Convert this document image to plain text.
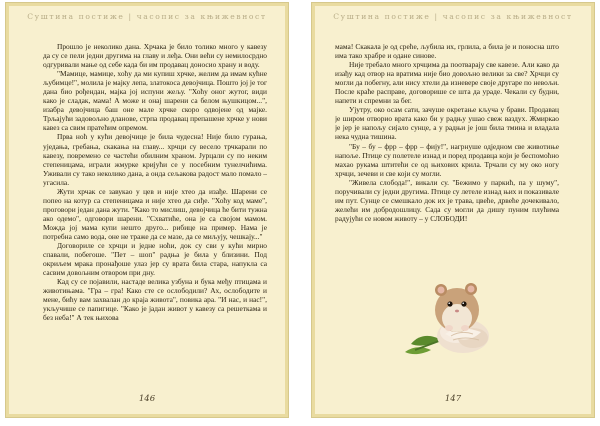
Суштина постиже | часопис за књижевност

Прошло је неколико дана. Хрчака је било толико много у кавезу да су се пели једни другима на главу и леђа. Они већи су немилосрдно одгуривали мање од себе када би им продавац доносио храну и воду.

"Мамице, мамице, хоћу да ми купиш хрчке, желим да имам кућне љубимце!", молила је мајку лепа, златокоса девојчица. Пошто јој је тог дана био рођендан, мајка јој испуни жељу. "Хоћу оног жутог, види како је сладак, мама! А може и онај шарени са белом њушкицом...", изабра девојчица баш оне мале хрчке скоро одвојене од мајке. Трљајући задовољно дланове, стрпа продавац препашене хрчке у нови кавез са свим пратећим опремом.

Прва ноћ у кући девојчице је била чудесна! Није било гурања, уједања, гребања, скакања на главу... хрчци су весело трчкарали по кавезу, повремено се частећи обилним храном. Јурцали су по неким степеницама, играли жмурке кријући се у посебним тунелчићима. Уживали су тако неколико дана, а онда сељакова радост мало помало – угасила.

Жути хрчак се завукао у цев и није хтео да изађе. Шарени се попео на котур са степеницама и није хтео да сиђе. "Хоћу код маме", проговори један дана жути. "Како то мислиш, девојчица ће бити тужна ако одемо", одговори шарени. "Схватиће, она је са својом мамом. Можда јој мама купи нешто друго... рибице на пример. Нама је потребна само вода, оне не траже да се мазе, да се миљују, чешкају..."

Договориле се хрчци и једне ноћи, док су сви у кући мирно спавали, побегоше. "Пет – шоп" радња је била у близини. Под окриљем мрака пронађоше улаз јер су врата била стара, напукла са сасвим довољним отвором при дну.

Кад су се појавили, настаде велика узбуна и бука међу птицама и животињама. "Гра – гра! Како сте се ослободили? Ах, ослободите и мене, бићу вам захвалан до краја живота", повика ара. "И нас, и нас!", укључише се папигице. "Како је јадан живот у кавезу са решеткама и без неба!" А тек њихова

146
Суштина постиже | часопис за књижевност

мама! Скакала је од среће, љубила их, грлила, а била је и поносна што има тако храбре и одане синове.

Није требало много хрчцима да поотварају све кавезе. Али како да изађу кад отвор на вратима није био довољно велики за све? Хрчци су могли да побегну, али нису хтели да изневере своје другаре по невољи. После краће расправе, договорише се шта да ураде. Чекали су будни, напети и спремни за бег.

Ујутру, око осам сати, зачуше окретање кључа у брави. Продавац је широм отворио врата како би у радњу ушао свеж ваздух. Жмиркао је јер је напољу сијало сунце, а у радњи је још била тмина и владала нека чудна тишина.

"Бу – бу – фрр – фрр – фију!", нагрнуше одједном све животиње напоље. Птице су полетеле изнад и поред продавца који је беспомоћно махао рукама штитећи се од њихових крила. Трчали су му око ногу хрчци, зечеви и све који су могли.

"Живела слобода!", викали су. "Бежимо у паркић, па у шуму", поручивали су једни другима. Птице су летеле изнад њих и показивале им пут. Сунце се смешкало док их је трава, цвеће, дрвеће дочекивало, желећи им добродошлицу. Сада су могли да дишу пуним плућима радујући се новом животу – у СЛОБОДИ!

147
